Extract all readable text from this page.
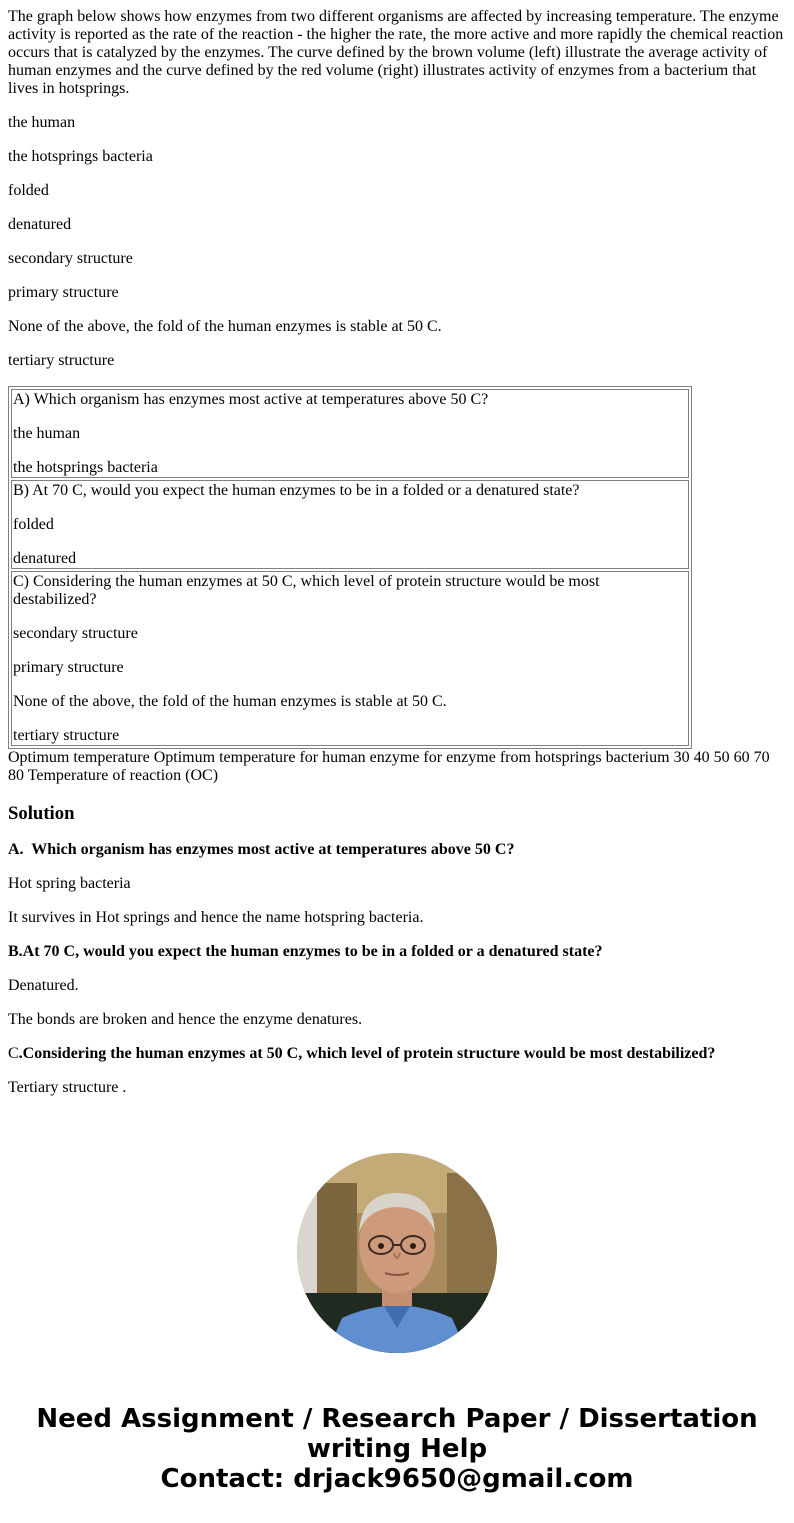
The graph below shows how enzymes from two different organisms are affected by increasing temperature. The enzyme activity is reported as the rate of the reaction - the higher the rate, the more active and more rapidly the chemical reaction occurs that is catalyzed by the enzymes. The curve defined by the brown volume (left) illustrate the average activity of human enzymes and the curve defined by the red volume (right) illustrates activity of enzymes from a bacterium that lives in hotsprings.

the human

the hotsprings bacteria

folded

denatured

secondary structure

primary structure

None of the above, the fold of the human enzymes is stable at 50 C.

tertiary structure

A) Which organism has enzymes most active at temperatures above 50 C?

the human

the hotsprings bacteria

B) At 70 C, would you expect the human enzymes to be in a folded or a denatured state?

folded

denatured

C) Considering the human enzymes at 50 C, which level of protein structure would be most destabilized?

secondary structure

primary structure

None of the above, the fold of the human enzymes is stable at 50 C.

tertiary structure

Optimum temperature Optimum temperature for human enzyme for enzyme from hotsprings bacterium 30 40 50 60 70 80 Temperature of reaction (OC)
Solution

A.  Which organism has enzymes most active at temperatures above 50 C?

Hot spring bacteria

It survives in Hot springs and hence the name hotspring bacteria.

B.At 70 C, would you expect the human enzymes to be in a folded or a denatured state?

Denatured.

The bonds are broken and hence the enzyme denatures.

C.Considering the human enzymes at 50 C, which level of protein structure would be most destabilized?

Tertiary structure .

Need Assignment / Research Paper / Dissertation
writing Help
Contact: drjack9650@gmail.com
